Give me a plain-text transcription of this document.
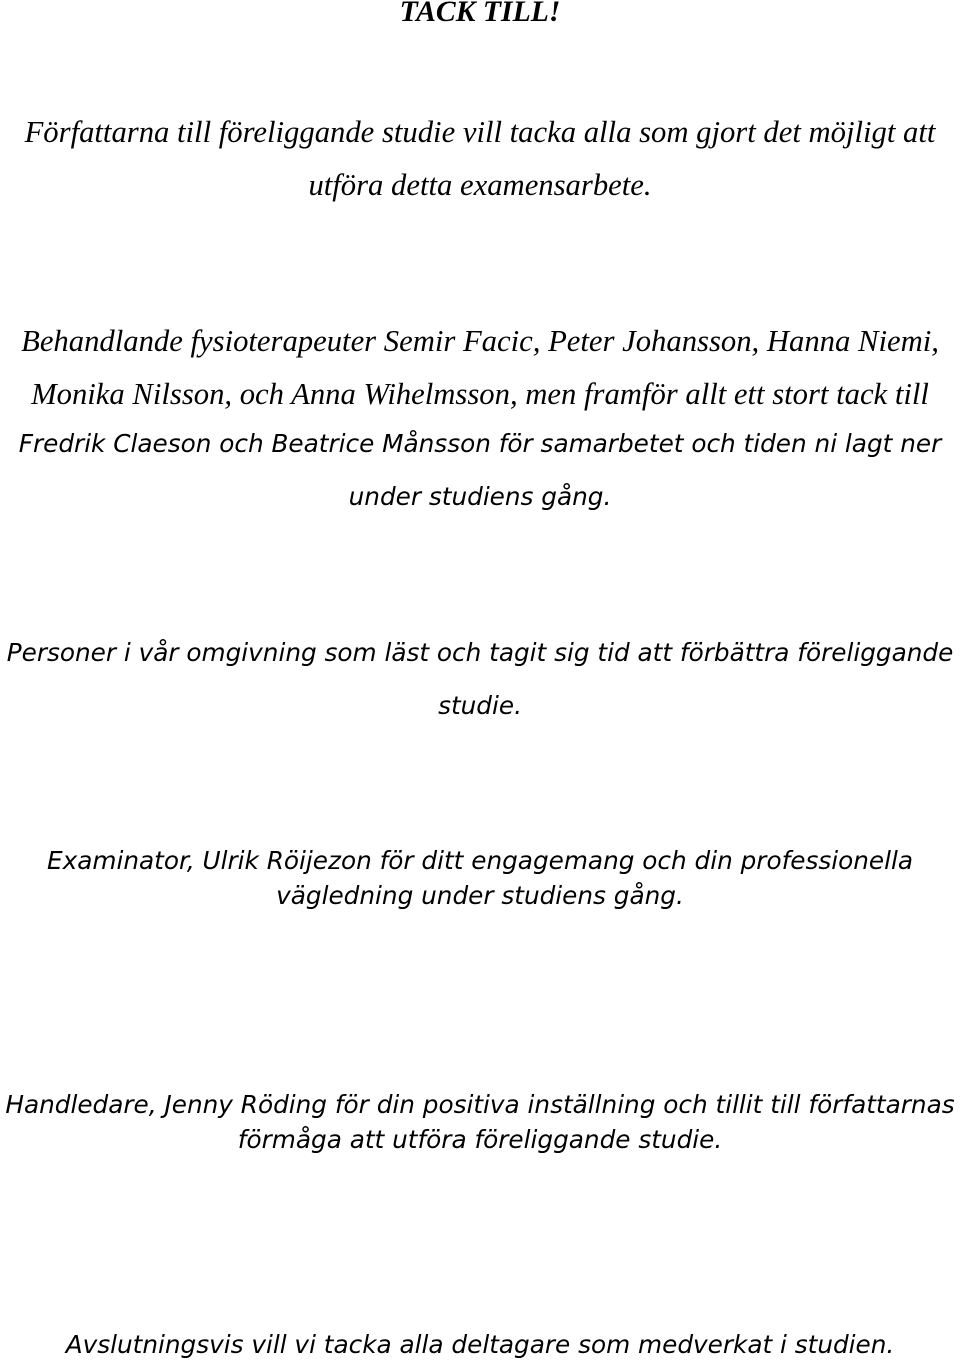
TACK TILL!
Författarna till föreliggande studie vill tacka alla som gjort det möjligt att
utföra detta examensarbete.
Behandlande fysioterapeuter Semir Facic, Peter Johansson, Hanna Niemi,
Monika Nilsson, och Anna Wihelmsson, men framför allt ett stort tack till
Fredrik Claeson och Beatrice Månsson för samarbetet och tiden ni lagt ner
under studiens gång.
Personer i vår omgivning som läst och tagit sig tid att förbättra föreliggande
studie.
Examinator, Ulrik Röijezon för ditt engagemang och din professionella
vägledning under studiens gång.
Handledare, Jenny Röding för din positiva inställning och tillit till författarnas
förmåga att utföra föreliggande studie.
Avslutningsvis vill vi tacka alla deltagare som medverkat i studien.
